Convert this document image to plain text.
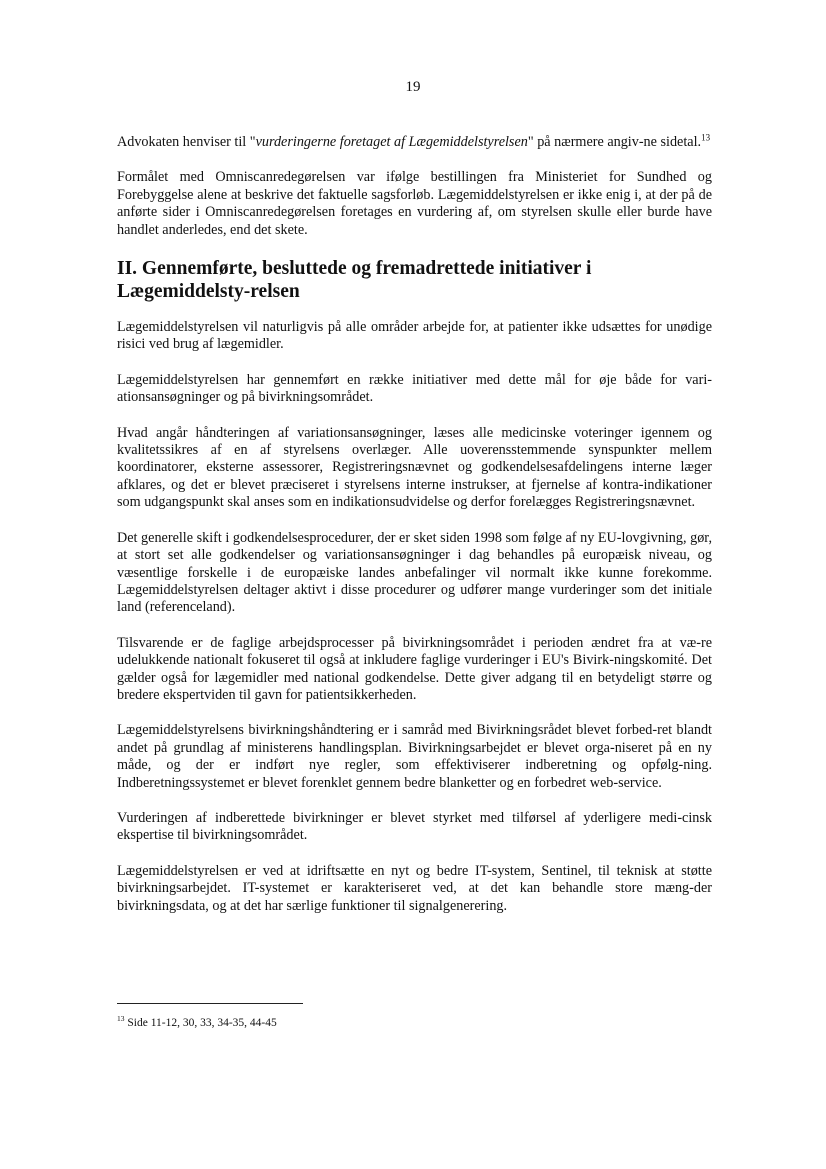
19

Advokaten henviser til "vurderingerne foretaget af Lægemiddelstyrelsen" på nærmere angiv-ne sidetal.$^{13}$

Formålet med Omniscanredegørelsen var ifølge bestillingen fra Ministeriet for Sundhed og Forebyggelse alene at beskrive det faktuelle sagsforløb. Lægemiddelstyrelsen er ikke enig i, at der på de anførte sider i Omniscanredegørelsen foretages en vurdering af, om styrelsen skulle eller burde have handlet anderledes, end det skete.

II. Gennemførte, besluttede og fremadrettede initiativer i Lægemiddelsty-relsen

Lægemiddelstyrelsen vil naturligvis på alle områder arbejde for, at patienter ikke udsættes for unødige risici ved brug af lægemidler.

Lægemiddelstyrelsen har gennemført en række initiativer med dette mål for øje både for vari-ationsansøgninger og på bivirkningsområdet.

Hvad angår håndteringen af variationsansøgninger, læses alle medicinske voteringer igennem og kvalitetssikres af en af styrelsens overlæger. Alle uoverensstemmende synspunkter mellem koordinatorer, eksterne assessorer, Registreringsnævnet og godkendelsesafdelingens interne læger afklares, og det er blevet præciseret i styrelsens interne instrukser, at fjernelse af kontra-indikationer som udgangspunkt skal anses som en indikationsudvidelse og derfor forelægges Registreringsnævnet.

Det generelle skift i godkendelsesprocedurer, der er sket siden 1998 som følge af ny EU-lovgivning, gør, at stort set alle godkendelser og variationsansøgninger i dag behandles på europæisk niveau, og væsentlige forskelle i de europæiske landes anbefalinger vil normalt ikke kunne forekomme. Lægemiddelstyrelsen deltager aktivt i disse procedurer og udfører mange vurderinger som det initiale land (referenceland).

Tilsvarende er de faglige arbejdsprocesser på bivirkningsområdet i perioden ændret fra at væ-re udelukkende nationalt fokuseret til også at inkludere faglige vurderinger i EU's Bivirk-ningskomité. Det gælder også for lægemidler med national godkendelse. Dette giver adgang til en betydeligt større og bredere ekspertviden til gavn for patientsikkerheden.

Lægemiddelstyrelsens bivirkningshåndtering er i samråd med Bivirkningsrådet blevet forbed-ret blandt andet på grundlag af ministerens handlingsplan. Bivirkningsarbejdet er blevet orga-niseret på en ny måde, og der er indført nye regler, som effektiviserer indberetning og opfølg-ning. Indberetningssystemet er blevet forenklet gennem bedre blanketter og en forbedret web-service.

Vurderingen af indberettede bivirkninger er blevet styrket med tilførsel af yderligere medi-cinsk ekspertise til bivirkningsområdet.

Lægemiddelstyrelsen er ved at idriftsætte en nyt og bedre IT-system, Sentinel, til teknisk at støtte bivirkningsarbejdet. IT-systemet er karakteriseret ved, at det kan behandle store mæng-der bivirkningsdata, og at det har særlige funktioner til signalgenerering.

$^{13}$ Side 11-12, 30, 33, 34-35, 44-45
